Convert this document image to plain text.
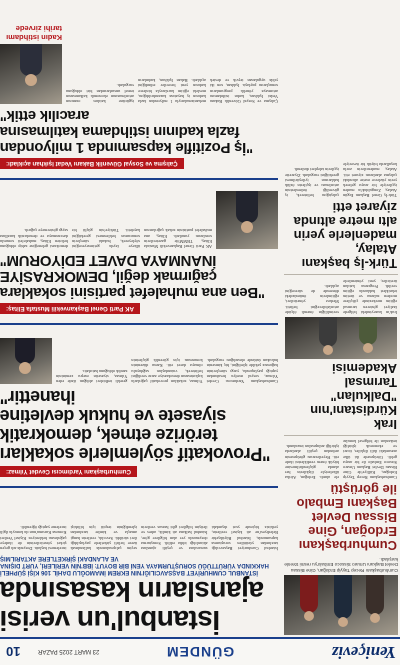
Yeniçeviz
GÜNDEM
23 MART 2025 PAZAR
10
Cumhurbaşkanı Recep Tayyip Erdoğan, Gine Bissau Devlet Başkanı Umaro Sissoco Embalo'yu resmi törenle karşıladı.
Cumhurbaşkanı Erdoğan, Gine Bissau Devlet Başkanı Embalo ile görüştü
Cumhurbaşkanı Recep Tayyip Erdoğan, Külliye'de Gine Bissau Devlet Başkanı Umaro Sissoco Embalo ile bir araya geldi. Görüşmede iki ülke arasındaki ikili ilişkiler, ticari ve ekonomik işbirliği imkanları ile bölgesel konular ele alındı. Erdoğan, Afrika ülkeleriyle ilişkilerin her alanda güçlendirilmesine büyük önem verdiklerini ifade etti. Heyetlerarası görüşmenin ardından çeşitli alanlarda işbirliği anlaşmaları imzalandı.
Irak Kürdistanı'nın "Dalkulan" Tarımsal Akademisi
Irak'ın kuzeyindeki bölgede faaliyet gösteren tarımsal eğitim merkezinde çiftçilere modern sulama ve üretim teknikleri hakkında eğitim verildi. Programa katılan üreticiler, yeni yöntemlerle verimliliğin önemli ölçüde artırılabileceğini belirtti. Merkez yöneticileri, eğitimlerin önümüzdeki dönemde de süreceğini açıkladı.
Türk-İş başkanı Atalay, madenlerle yerin altı metre altında ziyaret etti
Türk-İş Genel Başkanı Ergün Atalay, Zonguldak'ta maden işçileriyle bir araya gelerek yerin yüzlerce metre altındaki çalışma alanlarını ziyaret etti. Atalay, madencilerin zorlu koşullarda büyük bir özveriyle çalıştığını belirterek, iş güvenliği önlemlerinin artırılması ve işçilerin özlük haklarının iyileştirilmesi gerektiğini vurguladı. Ziyarette işçilerin talepleri dinlendi.
İstanbul'un verisi ajansların kasasında
İSTANBUL CUMHURİYET BAŞSAVCILIĞI'NIN EKREM İMAMOĞLU DAHİL 106 KİŞİ ŞÜPHELİ HAKKINDA YÜRÜTTÜĞÜ SORUŞTURMAYA YENİ BİR BOYUT: İBB'NİN VERİLERİ, YURT DIŞINA VE ALANDAKİ ŞİRKETLERE AKTARILMIŞ
İstanbul Cumhuriyet Başsavcılığı tarafından yürütülen soruşturma kapsamında, İstanbul Büyükşehir Belediyesi'ne ait kişisel verilerin, yetkisiz biçimde yurt dışındaki sunuculara ve çeşitli ajanslara aktarıldığı iddia edildi. Soruşturma dosyasında yer alan bilgilere göre, İstanbul halkına ait kimlik, adres ve iletişim bilgileri gibi hassas verilerin seçim çalışmalarında kullanılmak üzere belirli şirketlerle paylaşıldığı ileri sürüldü. Savcılık, verilerin hangi amaçla ve kimler tarafından işlendiğinin tespiti için bilirkişi incelemesi başlattı. Dosyada adı geçen şirket yöneticilerinin de ifadeye çağrılması bekleniyor. Kişisel Verileri Koruma Kurumu'nun da konuyla ilgili inceleme yaptığı öğrenildi.
Cumhurbaşkanı Yardımcısı Cevdet Yılmaz:
"Provokatif söylemlerle sokakları terörize etmek, demokratik siyasete ve hukuk devletine ihanettir"
Cumhurbaşkanı Yardımcısı Cevdet Yılmaz, sosyal medya hesabından yaptığı paylaşımda, yargı süreçlerinin bağımsız şekilde işlediğini, hiç kimsenin hukukun üstünde olmadığını vurguladı. Yılmaz, sokakları provokatif çağrılarla kışkırtmanın demokrasiye zarar verdiğini belirterek, vatandaşları sağduyulu olmaya davet etti. Kamu düzeninin korunması için güvenlik güçlerinin gerekli tedbirleri aldığını ifade eden Yılmaz, siyasetin meşru zemininin sandık olduğunu hatırlattı.
AK Parti Genel Başkanvekili Mustafa Elitaş:
"Ben ana muhalefet partisini sokaklara çağırmak değil, DEMOKRASİYE İNANMAYA DAVET EDİYORUM"
AK Parti Genel Başkanvekili Mustafa Elitaş, TBMM'de gazetecilerin sorularını yanıtladı. Elitaş, ana muhalefet partisinin sokak çağrılarının ülkeye fayda getirmeyeceğini söyleyerek, hukuki süreçlerin sonucunun beklenmesi gerektiğini kaydetti. Türkiye'nin güçlü bir demokrasi geleneğine sahip olduğunu belirten Elitaş, muhalefeti sorumlu davranmaya ve demokratik kurallara saygı göstermeye çağırdı.
Çalışma ve Sosyal Güvenlik Bakanı Vedat Işıkhan açıkladı:
"İş Pozitifle kapsamında 1 milyondan fazla kadının istihdama katılmasına aracılık ettik"
Çalışma ve Sosyal Güvenlik Bakanı Vedat Işıkhan, kadın istihdamını artırmaya yönelik programların sonuçlarını paylaştı. Işıkhan, son iki yılda uygulanan teşvik ve destek mekanizmalarıyla 1 milyondan fazla kadının iş hayatına kazandırıldığını, mesleki eğitim kurslarıyla binlerce kadının yeni beceriler edindiğini açıkladı. Bakan Işıkhan, kadınların işgücüne katılım oranının artırılmasının ekonomik kalkınmanın temel unsurlarından biri olduğunu vurguladı.
Kadın istihdamı tarihi zirvede
